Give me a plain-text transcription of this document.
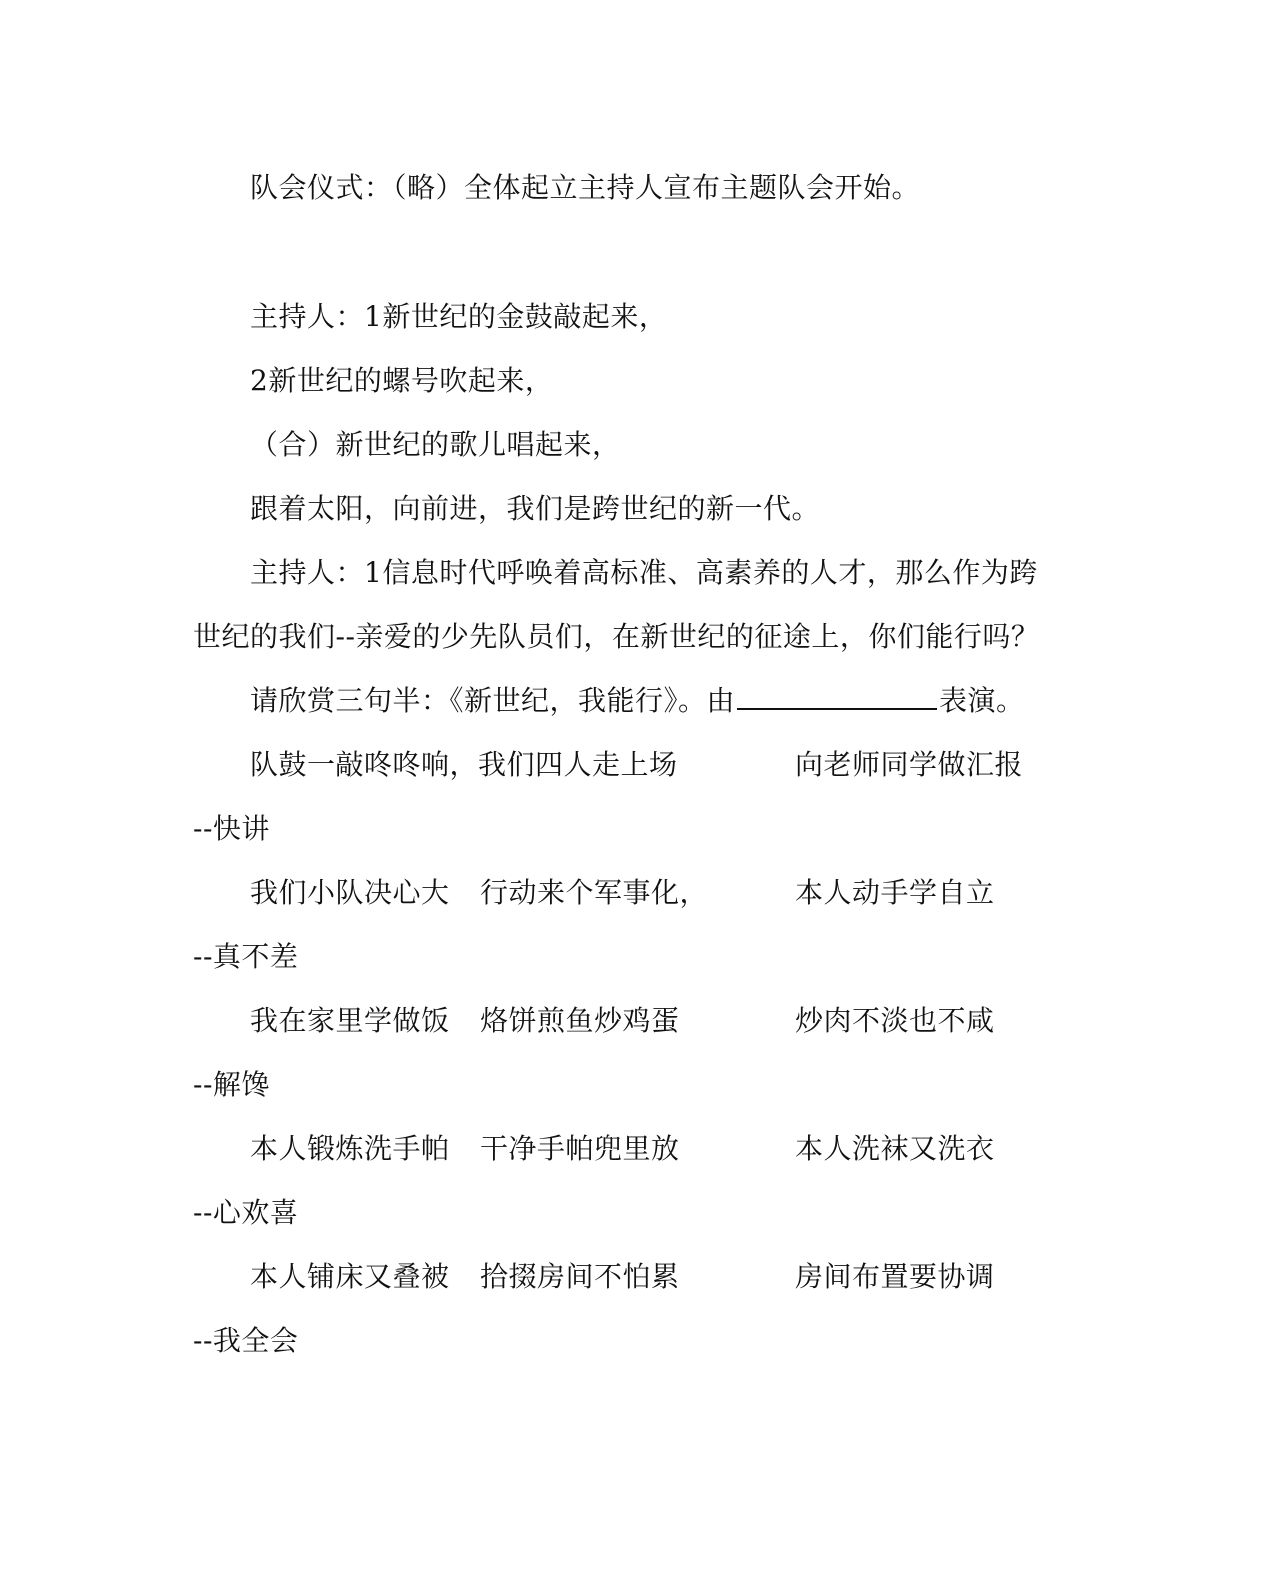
队会仪式：（略）全体起立主持人宣布主题队会开始。
主持人：1新世纪的金鼓敲起来，
2新世纪的螺号吹起来，
（合）新世纪的歌儿唱起来，
跟着太阳，向前进，我们是跨世纪的新一代。
主持人：1信息时代呼唤着高标准、高素养的人才，那么作为跨
世纪的我们--亲爱的少先队员们，在新世纪的征途上，你们能行吗？
请欣赏三句半：《新世纪，我能行》。由	表演。
队鼓一敲咚咚响，我们四人走上场	向老师同学做汇报
--快讲
我们小队决心大 行动来个军事化，	本人动手学自立
--真不差
我在家里学做饭 烙饼煎鱼炒鸡蛋	炒肉不淡也不咸
--解馋
本人锻炼洗手帕 干净手帕兜里放	本人洗袜又洗衣
--心欢喜
本人铺床又叠被 拾掇房间不怕累	房间布置要协调
--我全会
